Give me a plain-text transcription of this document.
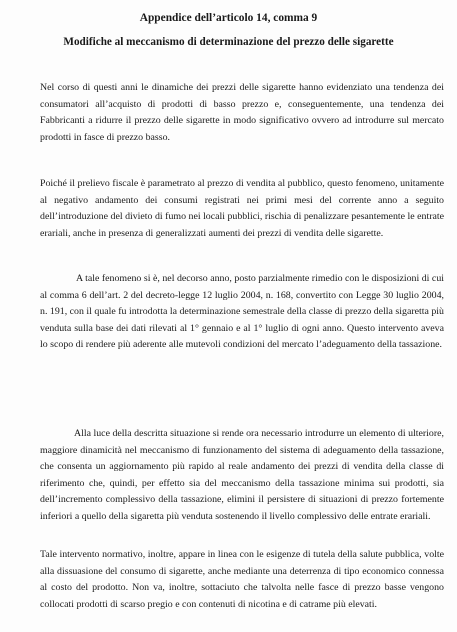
Appendice dell’articolo 14, comma 9
Modifiche al meccanismo di determinazione del prezzo delle sigarette

Nel corso di questi anni le dinamiche dei prezzi delle sigarette hanno evidenziato una tendenza dei consumatori all’acquisto di prodotti di basso prezzo e, conseguentemente, una tendenza dei Fabbricanti a ridurre il prezzo delle sigarette in modo significativo ovvero ad introdurre sul mercato prodotti in fasce di prezzo basso.

Poiché il prelievo fiscale è parametrato al prezzo di vendita al pubblico, questo fenomeno, unitamente al negativo andamento dei consumi registrati nei primi mesi del corrente anno a seguito dell’introduzione del divieto di fumo nei locali pubblici, rischia di penalizzare pesantemente le entrate erariali, anche in presenza di generalizzati aumenti dei prezzi di vendita delle sigarette.

A tale fenomeno si è, nel decorso anno, posto parzialmente rimedio con le disposizioni di cui al comma 6 dell’art. 2 del decreto-legge 12 luglio 2004, n. 168, convertito con Legge 30 luglio 2004, n. 191, con il quale fu introdotta la determinazione semestrale della classe di prezzo della sigaretta più venduta sulla base dei dati rilevati al 1° gennaio e al 1° luglio di ogni anno. Questo intervento aveva lo scopo di rendere più aderente alle mutevoli condizioni del mercato l’adeguamento della tassazione.

Alla luce della descritta situazione si rende ora necessario introdurre un elemento di ulteriore, maggiore dinamicità nel meccanismo di funzionamento del sistema di adeguamento della tassazione, che consenta un aggiornamento più rapido al reale andamento dei prezzi di vendita della classe di riferimento che, quindi, per effetto sia del meccanismo della tassazione minima sui prodotti, sia dell’incremento complessivo della tassazione, elimini il persistere di situazioni di prezzo fortemente inferiori a quello della sigaretta più venduta sostenendo il livello complessivo delle entrate erariali.

Tale intervento normativo, inoltre, appare in linea con le esigenze di tutela della salute pubblica, volte alla dissuasione del consumo di sigarette, anche mediante una deterrenza di tipo economico connessa al costo del prodotto. Non va, inoltre, sottaciuto che talvolta nelle fasce di prezzo basse vengono collocati prodotti di scarso pregio e con contenuti di nicotina e di catrame più elevati.
